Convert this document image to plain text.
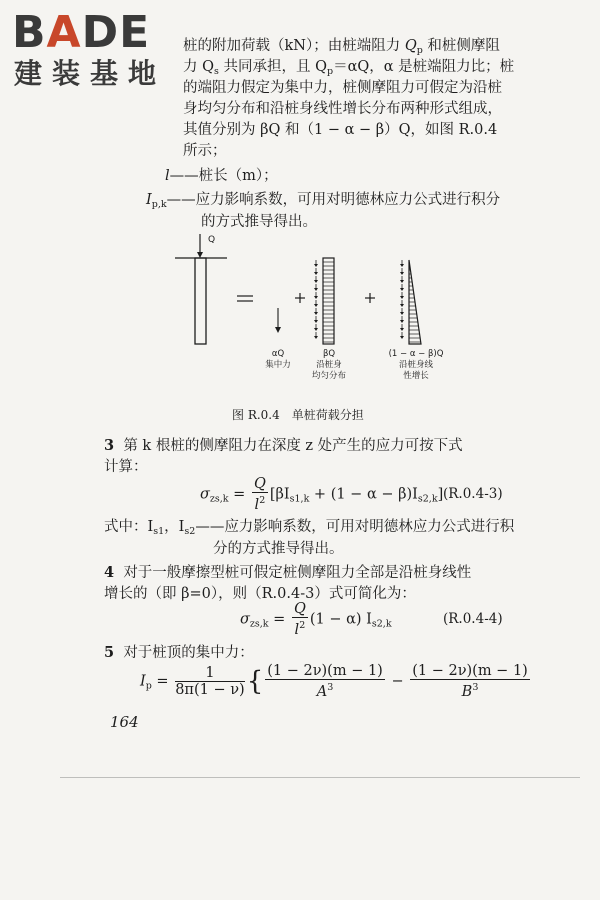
BADE
建装基地
桩的附加荷载（kN）；由桩端阻力 $Q_p$ 和桩侧摩阻
力 $Q_s$ 共同承担，且 $Q_p=\alpha Q$，α 是桩端阻力比；桩
的端阻力假定为集中力，桩侧摩阻力可假定为沿桩
身均匀分布和沿桩身线性增长分布两种形式组成，
其值分别为 βQ 和（1 − α − β）Q，如图 R.0.4
所示；
l——桩长（m）；
$I_{p,k}——$应力影响系数，可用对明德林应力公式进行积分
的方式推导得出。
Q
αQ
集中力
βQ
沿桩身
均匀分布
(1 − α − β)Q
沿桩身线
性增长
图 R.0.4　单桩荷载分担
3 第 k 根桩的侧摩阻力在深度 z 处产生的应力可按下式
计算：
$\sigma_{zs,k} = \frac{Q}{l^2} [\beta I_{s1,k} + (1 - \alpha - \beta)I_{s2,k}]$ (R.0.4-3)
式中：$I_{s1}$，$I_{s2}——$应力影响系数，可用对明德林应力公式进行积
分的方式推导得出。
4 对于一般摩擦型桩可假定桩侧摩阻力全部是沿桩身线性
增长的（即 β=0），则（R.0.4-3）式可简化为：
$\sigma_{zs,k} = \frac{Q}{l^2} (1 - \alpha)$ $I_{s2,k}$	(R.0.4-4)
5 对于桩顶的集中力：
$I_p = \frac{1}{8\pi(1 - \nu)}$ { $\frac{(1 - 2\nu)(m - 1)}{A^3} - \frac{(1 - 2\nu)(m - 1)}{B^3}$
164
